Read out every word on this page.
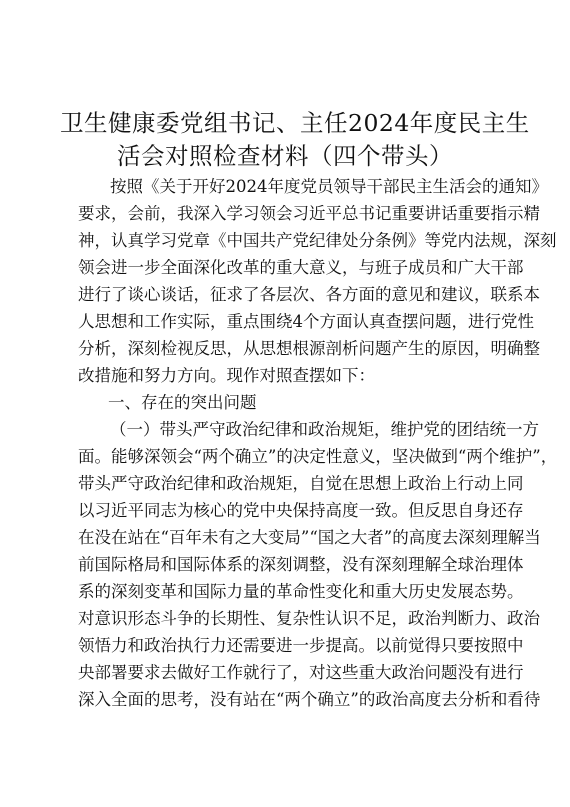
卫生健康委党组书记、主任2024年度民主生
活会对照检查材料（四个带头）
按照《关于开好2024年度党员领导干部民主生活会的通知》
要求，会前，我深入学习领会习近平总书记重要讲话重要指示精
神，认真学习党章《中国共产党纪律处分条例》等党内法规，深刻
领会进一步全面深化改革的重大意义，与班子成员和广大干部
进行了谈心谈话，征求了各层次、各方面的意见和建议，联系本
人思想和工作实际，重点围绕4个方面认真查摆问题，进行党性
分析，深刻检视反思，从思想根源剖析问题产生的原因，明确整
改措施和努力方向。现作对照查摆如下：
一、存在的突出问题
（一）带头严守政治纪律和政治规矩，维护党的团结统一方
面。能够深领会“两个确立”的决定性意义，坚决做到“两个维护”，
带头严守政治纪律和政治规矩，自觉在思想上政治上行动上同
以习近平同志为核心的党中央保持高度一致。但反思自身还存
在没在站在“百年未有之大变局”“国之大者”的高度去深刻理解当
前国际格局和国际体系的深刻调整，没有深刻理解全球治理体
系的深刻变革和国际力量的革命性变化和重大历史发展态势。
对意识形态斗争的长期性、复杂性认识不足，政治判断力、政治
领悟力和政治执行力还需要进一步提高。以前觉得只要按照中
央部署要求去做好工作就行了，对这些重大政治问题没有进行
深入全面的思考，没有站在“两个确立”的政治高度去分析和看待
